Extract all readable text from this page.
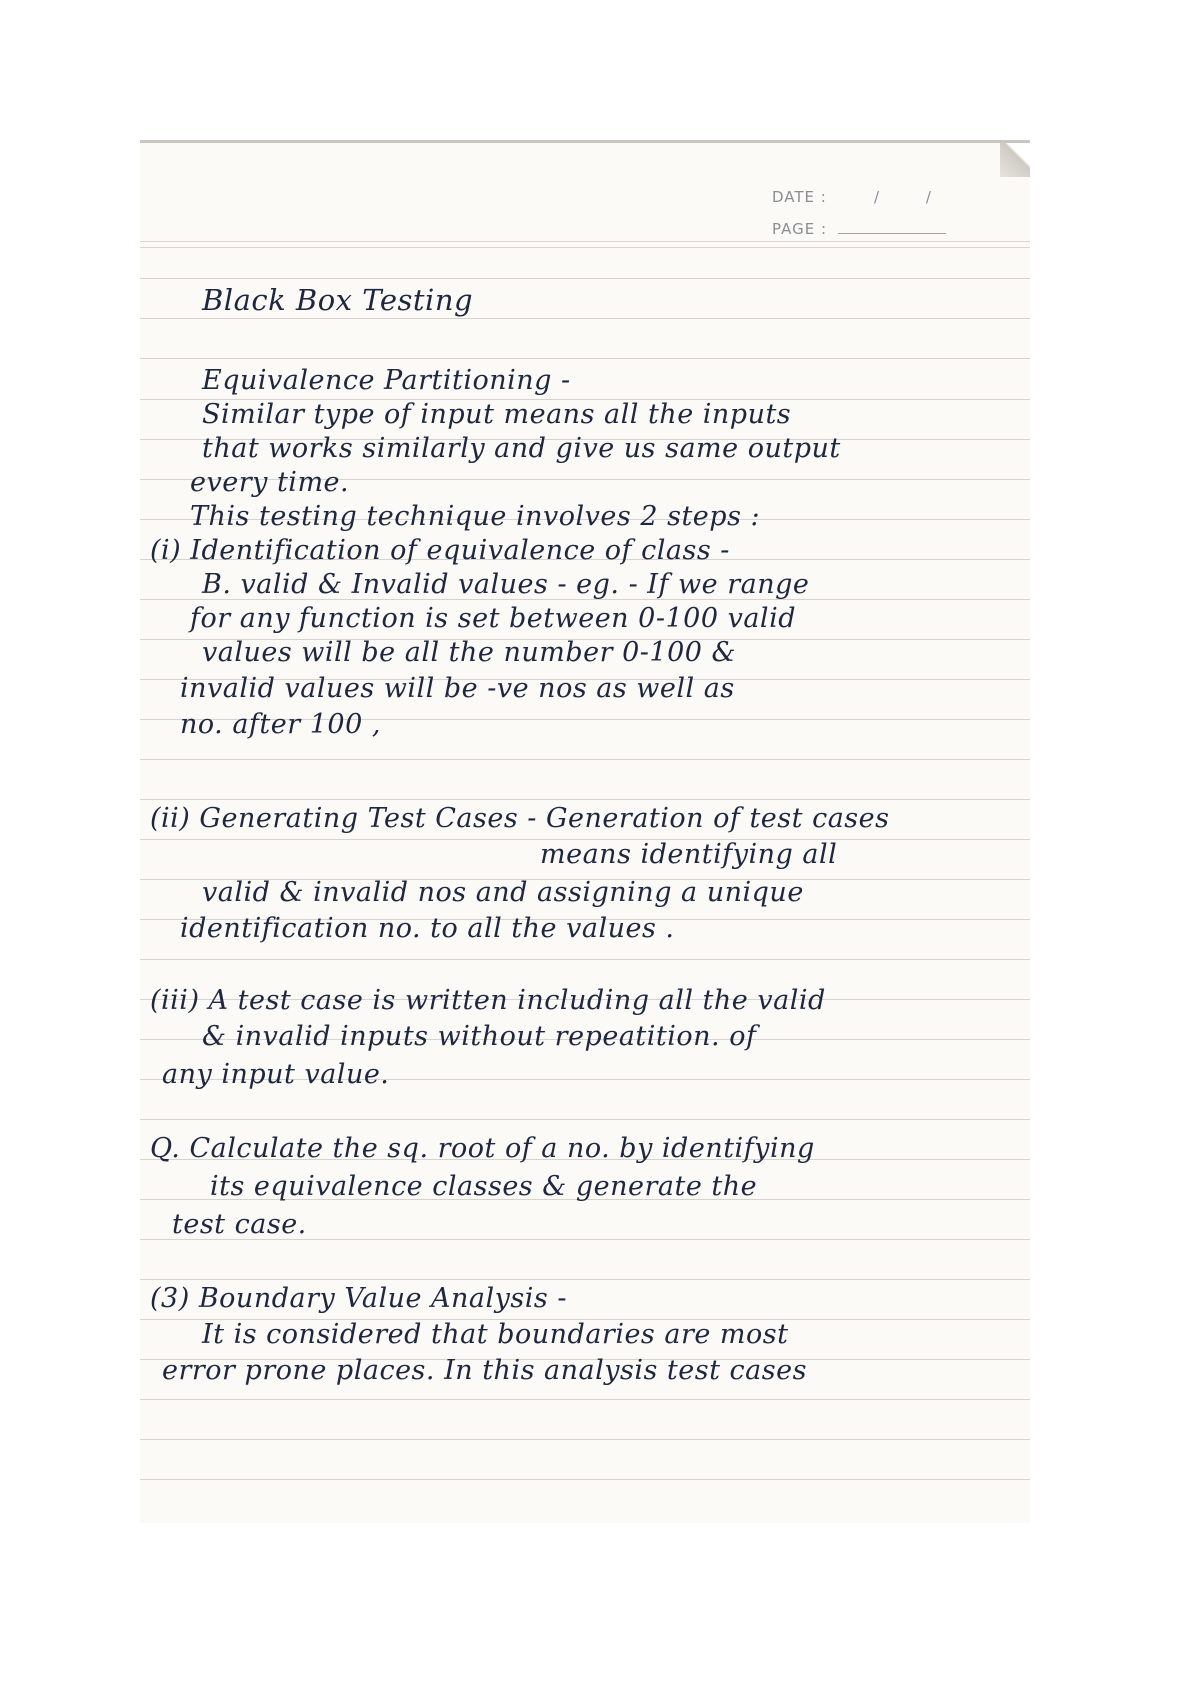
DATE :	/ /
PAGE :
Black Box Testing
Equivalence Partitioning -
Similar type of input means all the inputs
that works similarly and give us same output
every time.
This testing technique involves 2 steps :
(i) Identification of equivalence of class -
B. valid & Invalid values - eg. - If we range
for any function is set between 0-100 valid
values will be all the number 0-100 &
invalid values will be -ve nos as well as
no. after 100 ,
(ii) Generating Test Cases - Generation of test cases
means identifying all
valid & invalid nos and assigning a unique
identification no. to all the values .
(iii) A test case is written including all the valid
& invalid inputs without repeatition. of
any input value.
Q. Calculate the sq. root of a no. by identifying
its equivalence classes & generate the
test case.
(3) Boundary Value Analysis -
It is considered that boundaries are most
error prone places. In this analysis test cases
